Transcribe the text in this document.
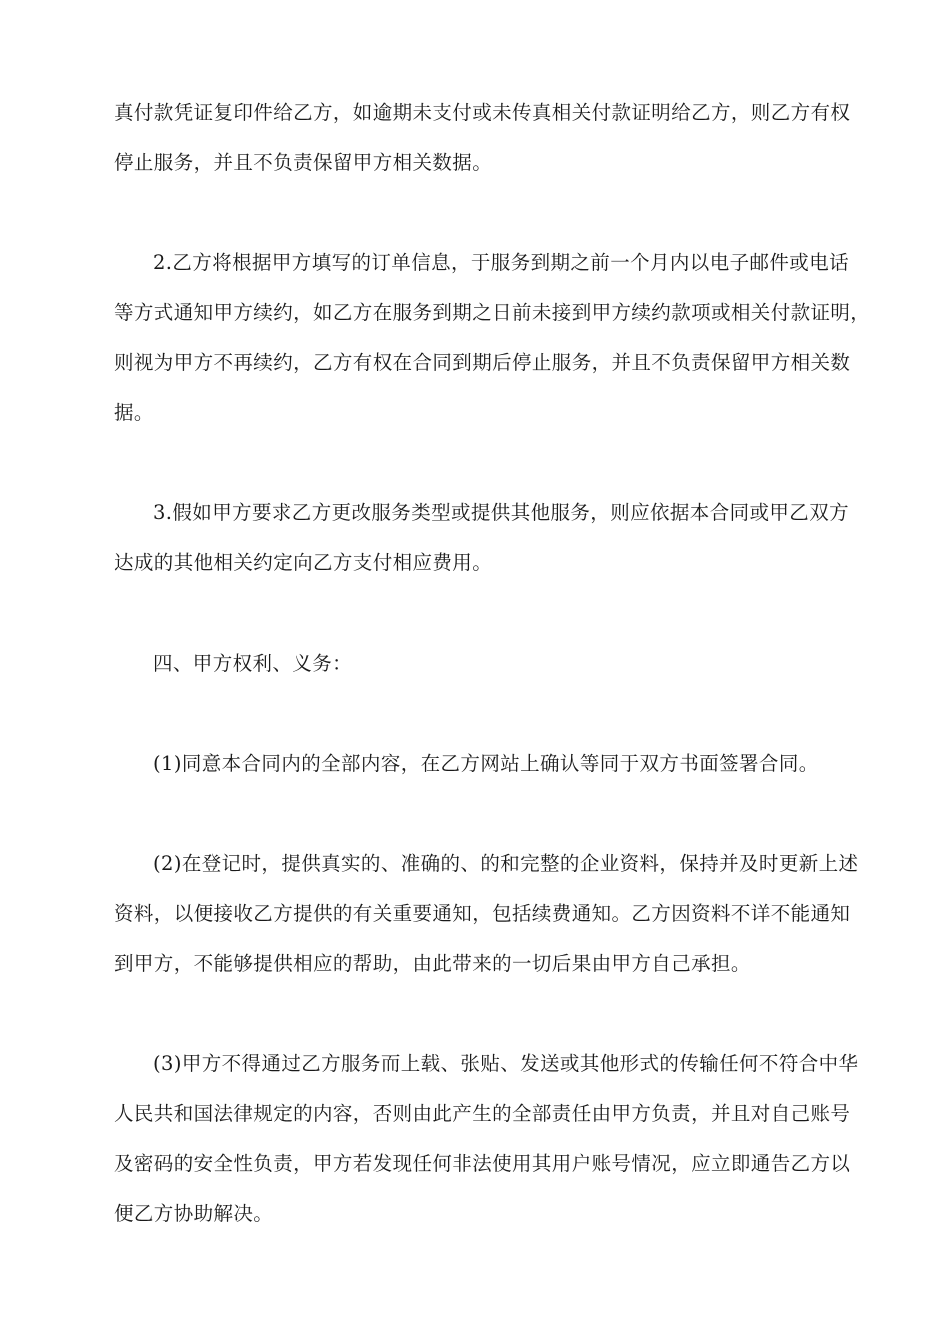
真付款凭证复印件给乙方，如逾期未支付或未传真相关付款证明给乙方，则乙方有权
停止服务，并且不负责保留甲方相关数据。
2.乙方将根据甲方填写的订单信息，于服务到期之前一个月内以电子邮件或电话
等方式通知甲方续约，如乙方在服务到期之日前未接到甲方续约款项或相关付款证明，
则视为甲方不再续约，乙方有权在合同到期后停止服务，并且不负责保留甲方相关数
据。
3.假如甲方要求乙方更改服务类型或提供其他服务，则应依据本合同或甲乙双方
达成的其他相关约定向乙方支付相应费用。
四、甲方权利、义务：
(1)同意本合同内的全部内容，在乙方网站上确认等同于双方书面签署合同。
(2)在登记时，提供真实的、准确的、的和完整的企业资料，保持并及时更新上述
资料，以便接收乙方提供的有关重要通知，包括续费通知。乙方因资料不详不能通知
到甲方，不能够提供相应的帮助，由此带来的一切后果由甲方自己承担。
(3)甲方不得通过乙方服务而上载、张贴、发送或其他形式的传输任何不符合中华
人民共和国法律规定的内容，否则由此产生的全部责任由甲方负责，并且对自己账号
及密码的安全性负责，甲方若发现任何非法使用其用户账号情况，应立即通告乙方以
便乙方协助解决。
